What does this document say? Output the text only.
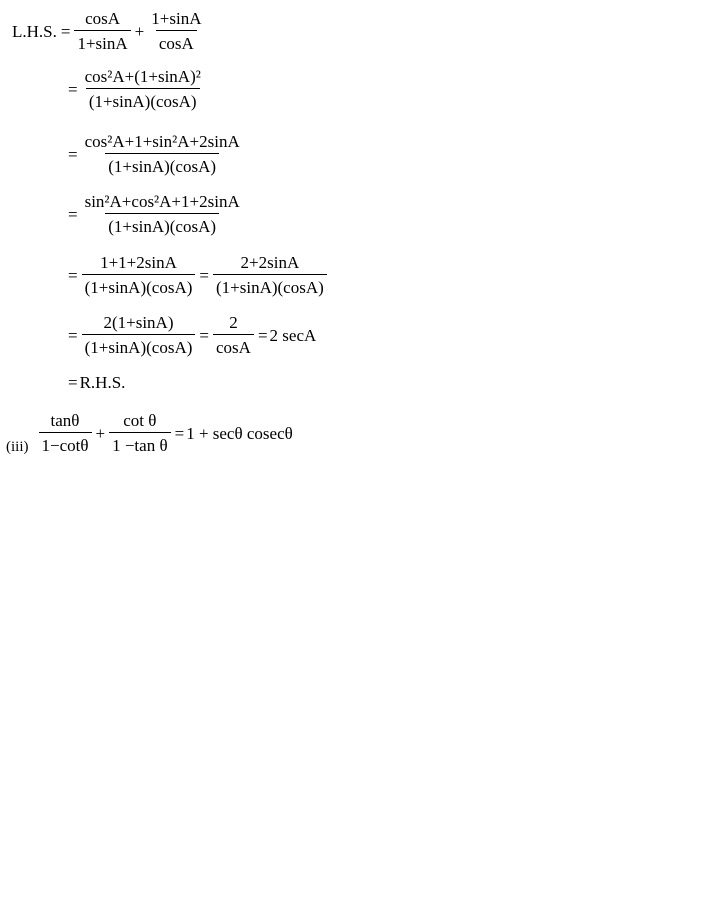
L.H.S. = $\frac{\cos A}{1+\sin A} + \frac{1+\sin A}{\cos A}$
= $\frac{\text{cos²A+(1+sinA)²}}{(1+\sin A)(\cos A)}$
= $\frac{\text{cos²A+1+sin²A+2sinA}}{(1+\sin A)(\cos A)}$
= $\frac{\text{sin²A+cos²A+1+2sinA}}{(1+\sin A)(\cos A)}$
= $\frac{1+1+2\sin A}{(1+\sin A)(\cos A)} = \frac{2+2\sin A}{(1+\sin A)(\cos A)}$
= $\frac{2(1+\sin A)}{(1+\sin A)(\cos A)} = \frac{2}{\cos A} = 2$ secA
= R.H.S.
$(iii) \frac{\tan\theta}{1-\cot\theta} + \frac{\text{cot θ}}{\text{1 −tan θ}} = 1 + \sec\theta$ cosecθ
